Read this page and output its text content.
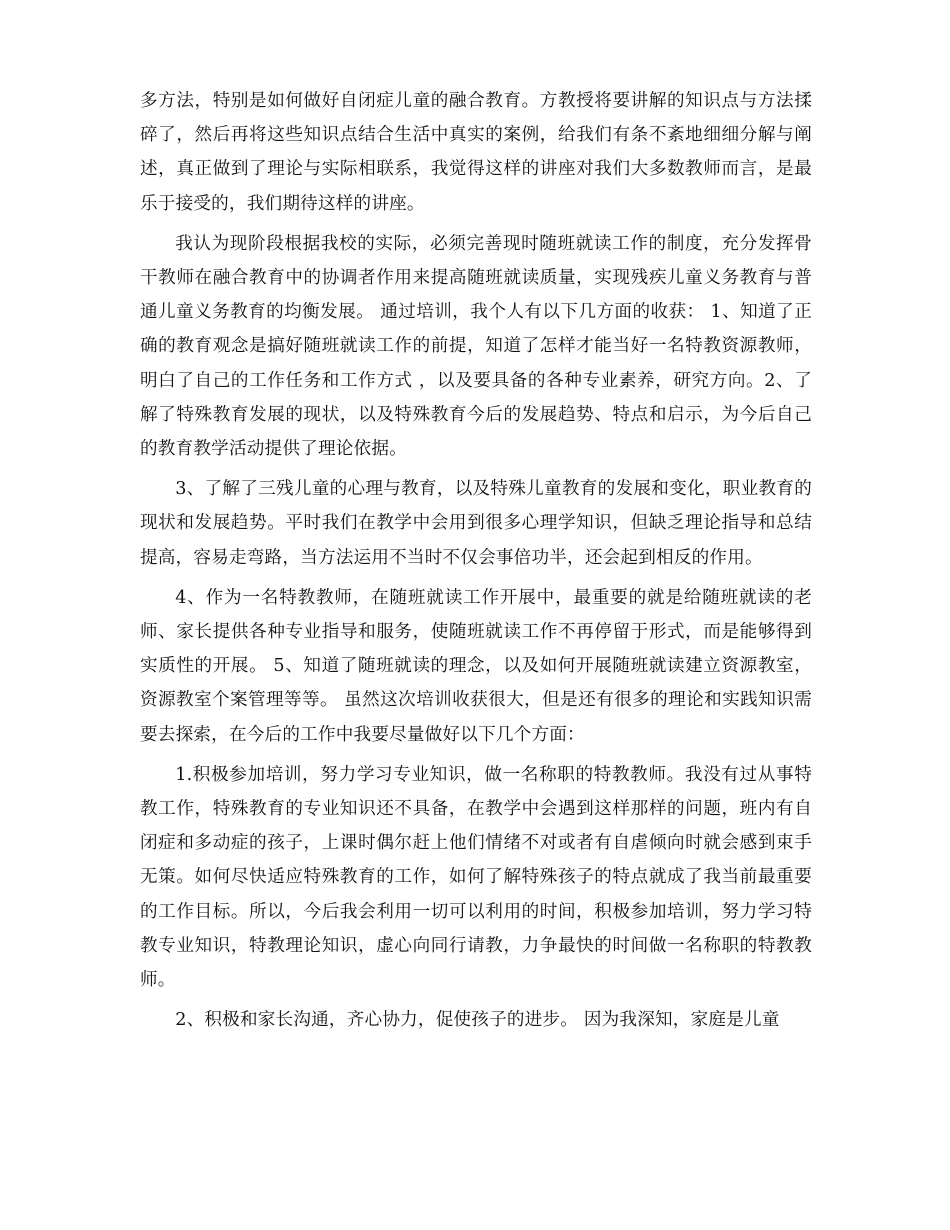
多方法，特别是如何做好自闭症儿童的融合教育。方教授将要讲解的知识点与方法揉碎了，然后再将这些知识点结合生活中真实的案例，给我们有条不紊地细细分解与阐述，真正做到了理论与实际相联系，我觉得这样的讲座对我们大多数教师而言，是最乐于接受的，我们期待这样的讲座。

我认为现阶段根据我校的实际，必须完善现时随班就读工作的制度，充分发挥骨干教师在融合教育中的协调者作用来提高随班就读质量，实现残疾儿童义务教育与普通儿童义务教育的均衡发展。 通过培训，我个人有以下几方面的收获： 1、知道了正确的教育观念是搞好随班就读工作的前提，知道了怎样才能当好一名特教资源教师，明白了自己的工作任务和工作方式 ，以及要具备的各种专业素养，研究方向。2、了解了特殊教育发展的现状，以及特殊教育今后的发展趋势、特点和启示，为今后自己的教育教学活动提供了理论依据。

3、了解了三残儿童的心理与教育，以及特殊儿童教育的发展和变化，职业教育的现状和发展趋势。平时我们在教学中会用到很多心理学知识，但缺乏理论指导和总结提高，容易走弯路，当方法运用不当时不仅会事倍功半，还会起到相反的作用。

4、作为一名特教教师，在随班就读工作开展中，最重要的就是给随班就读的老师、家长提供各种专业指导和服务，使随班就读工作不再停留于形式，而是能够得到实质性的开展。 5、知道了随班就读的理念，以及如何开展随班就读建立资源教室，资源教室个案管理等等。 虽然这次培训收获很大，但是还有很多的理论和实践知识需要去探索，在今后的工作中我要尽量做好以下几个方面：

1.积极参加培训，努力学习专业知识，做一名称职的特教教师。我没有过从事特教工作，特殊教育的专业知识还不具备，在教学中会遇到这样那样的问题，班内有自闭症和多动症的孩子，上课时偶尔赶上他们情绪不对或者有自虐倾向时就会感到束手无策。如何尽快适应特殊教育的工作，如何了解特殊孩子的特点就成了我当前最重要的工作目标。所以，今后我会利用一切可以利用的时间，积极参加培训，努力学习特教专业知识，特教理论知识，虚心向同行请教，力争最快的时间做一名称职的特教教师。

2、积极和家长沟通，齐心协力，促使孩子的进步。 因为我深知，家庭是儿童
